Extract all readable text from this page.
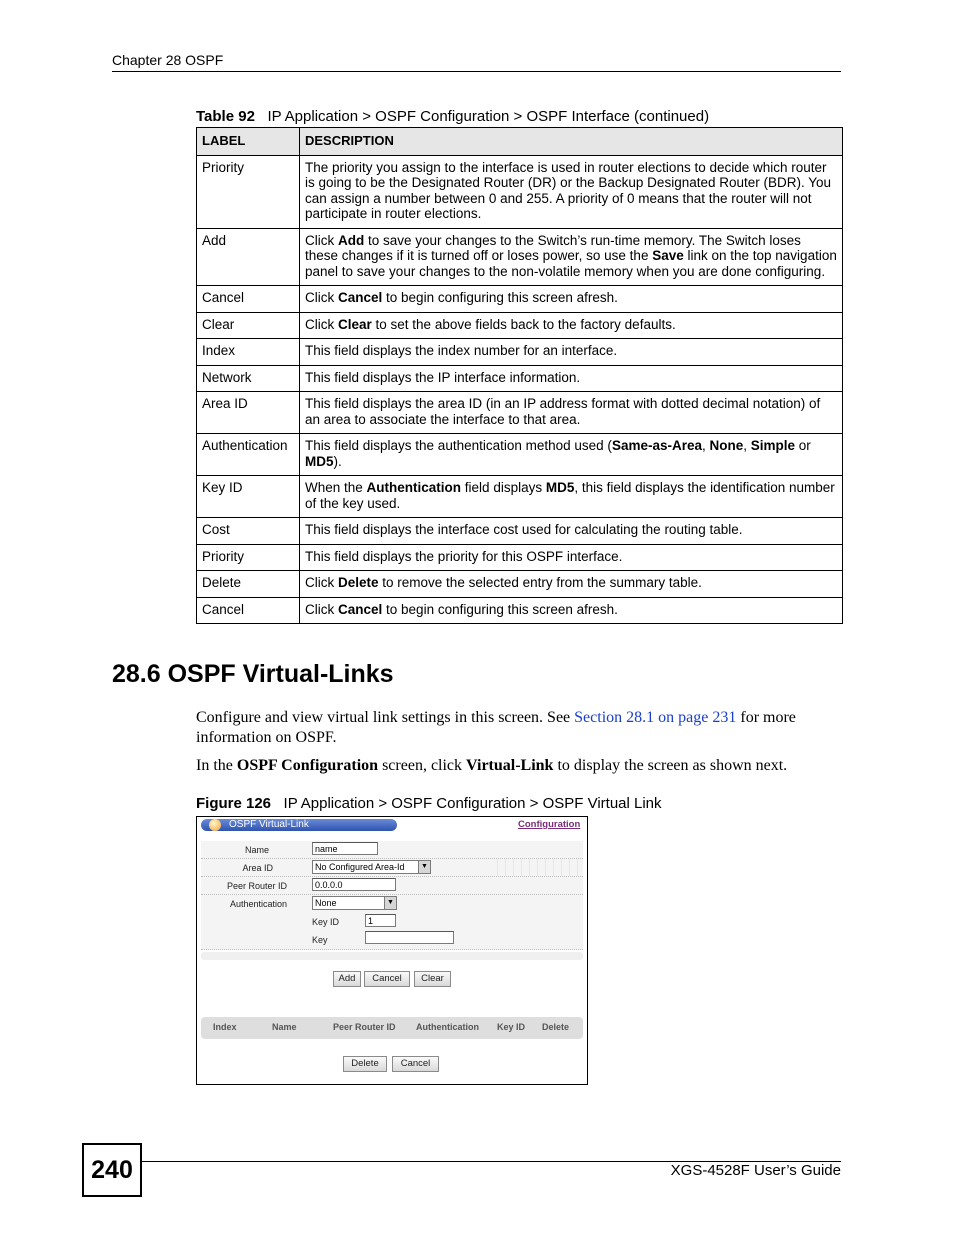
Chapter 28 OSPF
Table 92 IP Application > OSPF Configuration > OSPF Interface (continued)
LABEL	DESCRIPTION
Priority	The priority you assign to the interface is used in router elections to decide which router is going to be the Designated Router (DR) or the Backup Designated Router (BDR). You can assign a number between 0 and 255. A priority of 0 means that the router will not participate in router elections.
Add	Click Add to save your changes to the Switch’s run-time memory. The Switch loses these changes if it is turned off or loses power, so use the Save link on the top navigation panel to save your changes to the non-volatile memory when you are done configuring.
Cancel	Click Cancel to begin configuring this screen afresh.
Clear	Click Clear to set the above fields back to the factory defaults.
Index	This field displays the index number for an interface.
Network	This field displays the IP interface information.
Area ID	This field displays the area ID (in an IP address format with dotted decimal notation) of an area to associate the interface to that area.
Authentication	This field displays the authentication method used (Same-as-Area, None, Simple or MD5).
Key ID	When the Authentication field displays MD5, this field displays the identification number of the key used.
Cost	This field displays the interface cost used for calculating the routing table.
Priority	This field displays the priority for this OSPF interface.
Delete	Click Delete to remove the selected entry from the summary table.
Cancel	Click Cancel to begin configuring this screen afresh.
28.6 OSPF Virtual-Links
Configure and view virtual link settings in this screen. See Section 28.1 on page 231 for more information on OSPF.
In the OSPF Configuration screen, click Virtual-Link to display the screen as shown next.
Figure 126 IP Application > OSPF Configuration > OSPF Virtual Link
OSPF Virtual-Link	Configuration
Name	name
Area ID	No Configured Area-Id	▼
Peer Router ID	0.0.0.0
Authentication	None	▼
Key ID	1
Key
Add	Cancel	Clear
Index	Name	Peer Router ID Authentication Key ID Delete
Delete	Cancel
240	XGS-4528F User’s Guide
